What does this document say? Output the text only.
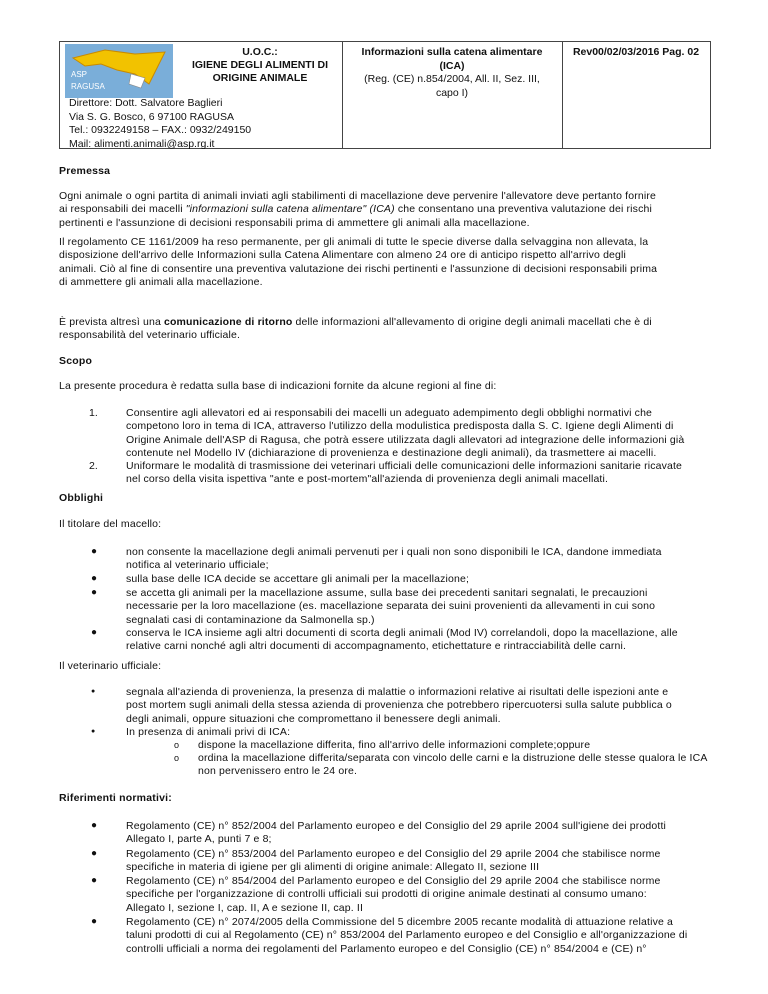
ASP
RAGUSA
U.O.C.:
IGIENE DEGLI ALIMENTI DI
ORIGINE ANIMALE
Direttore: Dott. Salvatore Baglieri
Via S. G. Bosco, 6 97100 RAGUSA
Tel.: 0932249158 – FAX.: 0932/249150
Mail: alimenti.animali@asp.rg.it
Informazioni sulla catena alimentare
(ICA)
(Reg. (CE) n.854/2004, All. II, Sez. III,
capo I)
Rev00/02/03/2016 Pag. 02
Premessa
Ogni animale o ogni partita di animali inviati agli stabilimenti di macellazione deve pervenire l'allevatore deve pertanto fornire
ai responsabili dei macelli "informazioni sulla catena alimentare" (ICA) che consentano una preventiva valutazione dei rischi
pertinenti e l'assunzione di decisioni responsabili prima di ammettere gli animali alla macellazione.
Il regolamento CE 1161/2009 ha reso permanente, per gli animali di tutte le specie diverse dalla selvaggina non allevata, la
disposizione dell'arrivo delle Informazioni sulla Catena Alimentare con almeno 24 ore di anticipo rispetto all'arrivo degli
animali. Ciò al fine di consentire una preventiva valutazione dei rischi pertinenti e l'assunzione di decisioni responsabili prima
di ammettere gli animali alla macellazione.
È prevista altresì una comunicazione di ritorno delle informazioni all'allevamento di origine degli animali macellati che è di
responsabilità del veterinario ufficiale.
Scopo
La presente procedura è redatta sulla base di indicazioni fornite da alcune regioni al fine di:
1.	Consentire agli allevatori ed ai responsabili dei macelli un adeguato adempimento degli obblighi normativi che
competono loro in tema di ICA, attraverso l'utilizzo della modulistica predisposta dalla S. C. Igiene degli Alimenti di
Origine Animale dell'ASP di Ragusa, che potrà essere utilizzata dagli allevatori ad integrazione delle informazioni già
contenute nel Modello IV (dichiarazione di provenienza e destinazione degli animali), da trasmettere ai macelli.
2.	Uniformare le modalità di trasmissione dei veterinari ufficiali delle comunicazioni delle informazioni sanitarie ricavate
nel corso della visita ispettiva "ante e post-mortem"all'azienda di provenienza degli animali macellati.
Obblighi
Il titolare del macello:
●	non consente la macellazione degli animali pervenuti per i quali non sono disponibili le ICA, dandone immediata
notifica al veterinario ufficiale;
●	sulla base delle ICA decide se accettare gli animali per la macellazione;
●	se accetta gli animali per la macellazione assume, sulla base dei precedenti sanitari segnalati, le precauzioni
necessarie per la loro macellazione (es. macellazione separata dei suini provenienti da allevamenti in cui sono
segnalati casi di contaminazione da Salmonella sp.)
●	conserva le ICA insieme agli altri documenti di scorta degli animali (Mod IV) correlandoli, dopo la macellazione, alle
relative carni nonché agli altri documenti di accompagnamento, etichettature e rintracciabilità delle carni.
Il veterinario ufficiale:
●	segnala all'azienda di provenienza, la presenza di malattie o informazioni relative ai risultati delle ispezioni ante e
post mortem sugli animali della stessa azienda di provenienza che potrebbero ripercuotersi sulla salute pubblica o
degli animali, oppure situazioni che compromettano il benessere degli animali.
●	In presenza di animali privi di ICA:
o dispone la macellazione differita, fino all'arrivo delle informazioni complete;oppure
o ordina la macellazione differita/separata con vincolo delle carni e la distruzione delle stesse qualora le ICA
non pervenissero entro le 24 ore.
Riferimenti normativi:
●	Regolamento (CE) n° 852/2004 del Parlamento europeo e del Consiglio del 29 aprile 2004 sull'igiene dei prodotti
Allegato I, parte A, punti 7 e 8;
●	Regolamento (CE) n° 853/2004 del Parlamento europeo e del Consiglio del 29 aprile 2004 che stabilisce norme
specifiche in materia di igiene per gli alimenti di origine animale: Allegato II, sezione III
●	Regolamento (CE) n° 854/2004 del Parlamento europeo e del Consiglio del 29 aprile 2004 che stabilisce norme
specifiche per l'organizzazione di controlli ufficiali sui prodotti di origine animale destinati al consumo umano:
Allegato I, sezione I, cap. II, A e sezione II, cap. II
●	Regolamento (CE) n° 2074/2005 della Commissione del 5 dicembre 2005 recante modalità di attuazione relative a
taluni prodotti di cui al Regolamento (CE) n° 853/2004 del Parlamento europeo e del Consiglio e all'organizzazione di
controlli ufficiali a norma dei regolamenti del Parlamento europeo e del Consiglio (CE) n° 854/2004 e (CE) n°
